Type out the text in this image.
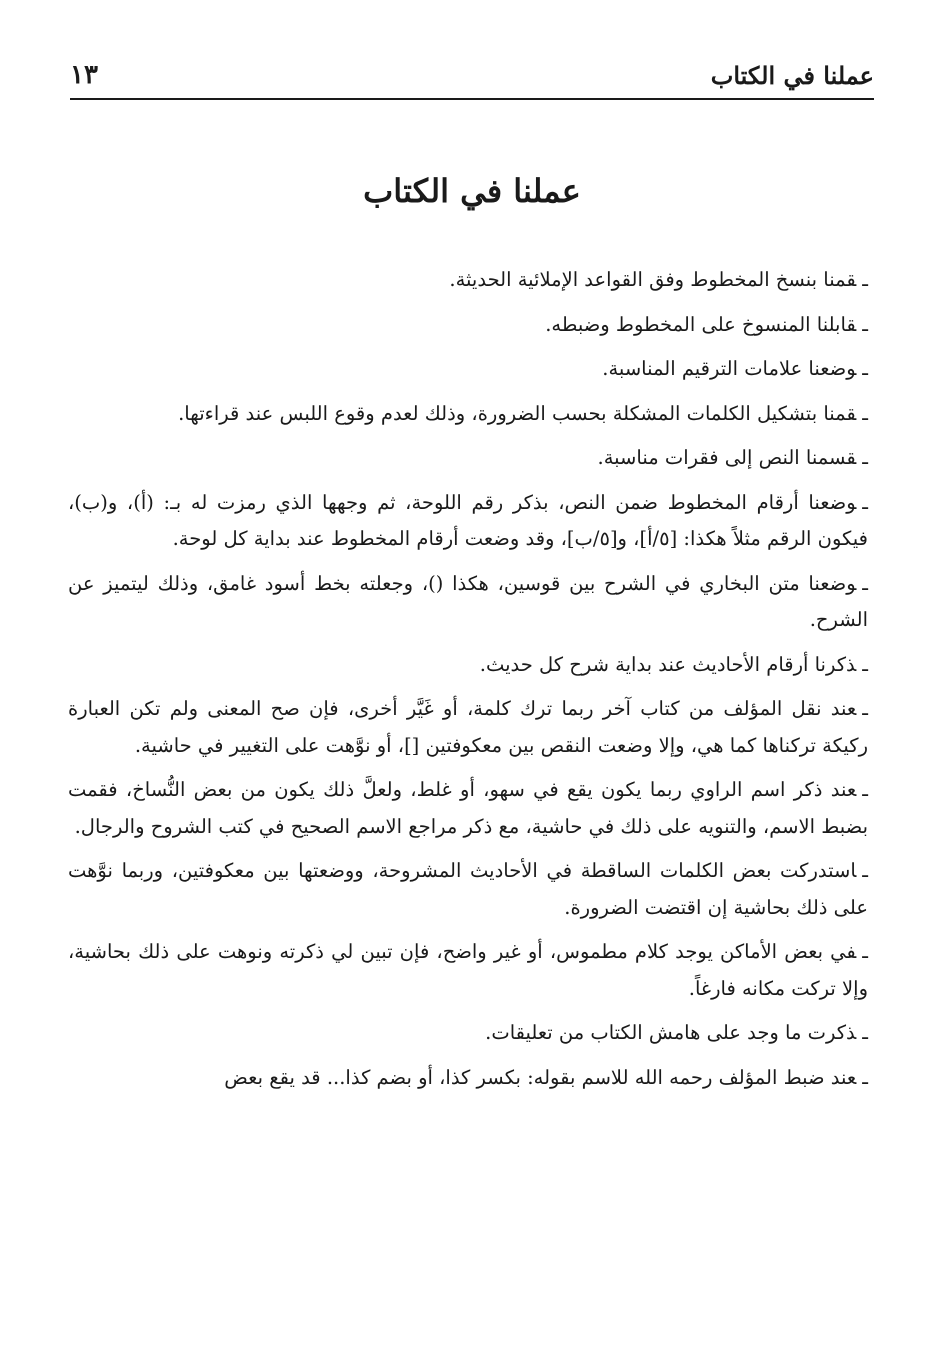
عملنا في الكتاب
١٣
عملنا في الكتاب

ـقمنا بنسخ المخطوط وفق القواعد الإملائية الحديثة.

ـقابلنا المنسوخ على المخطوط وضبطه.

ـوضعنا علامات الترقيم المناسبة.

ـقمنا بتشكيل الكلمات المشكلة بحسب الضرورة، وذلك لعدم وقوع اللبس عند قراءتها.

ـقسمنا النص إلى فقرات مناسبة.

ـوضعنا أرقام المخطوط ضمن النص، بذكر رقم اللوحة، ثم وجهها الذي رمزت له بـ: (أ)، و(ب)، فيكون الرقم مثلاً هكذا: [٥/أ]، و[٥/ب]، وقد وضعت أرقام المخطوط عند بداية كل لوحة.

ـوضعنا متن البخاري في الشرح بين قوسين، هكذا ()، وجعلته بخط أسود غامق، وذلك ليتميز عن الشرح.

ـذكرنا أرقام الأحاديث عند بداية شرح كل حديث.

ـعند نقل المؤلف من كتاب آخر ربما ترك كلمة، أو غَيَّر أخرى، فإن صح المعنى ولم تكن العبارة ركيكة تركناها كما هي، وإلا وضعت النقص بين معكوفتين []، أو نوَّهت على التغيير في حاشية.

ـعند ذكر اسم الراوي ربما يكون يقع في سهو، أو غلط، ولعلَّ ذلك يكون من بعض النُّساخ، فقمت بضبط الاسم، والتنويه على ذلك في حاشية، مع ذكر مراجع الاسم الصحيح في كتب الشروح والرجال.

ـاستدركت بعض الكلمات الساقطة في الأحاديث المشروحة، ووضعتها بين معكوفتين، وربما نوَّهت على ذلك بحاشية إن اقتضت الضرورة.

ـفي بعض الأماكن يوجد كلام مطموس، أو غير واضح، فإن تبين لي ذكرته ونوهت على ذلك بحاشية، وإلا تركت مكانه فارغاً.

ـذكرت ما وجد على هامش الكتاب من تعليقات.

ـعند ضبط المؤلف رحمه الله للاسم بقوله: بكسر كذا، أو بضم كذا... قد يقع بعض
